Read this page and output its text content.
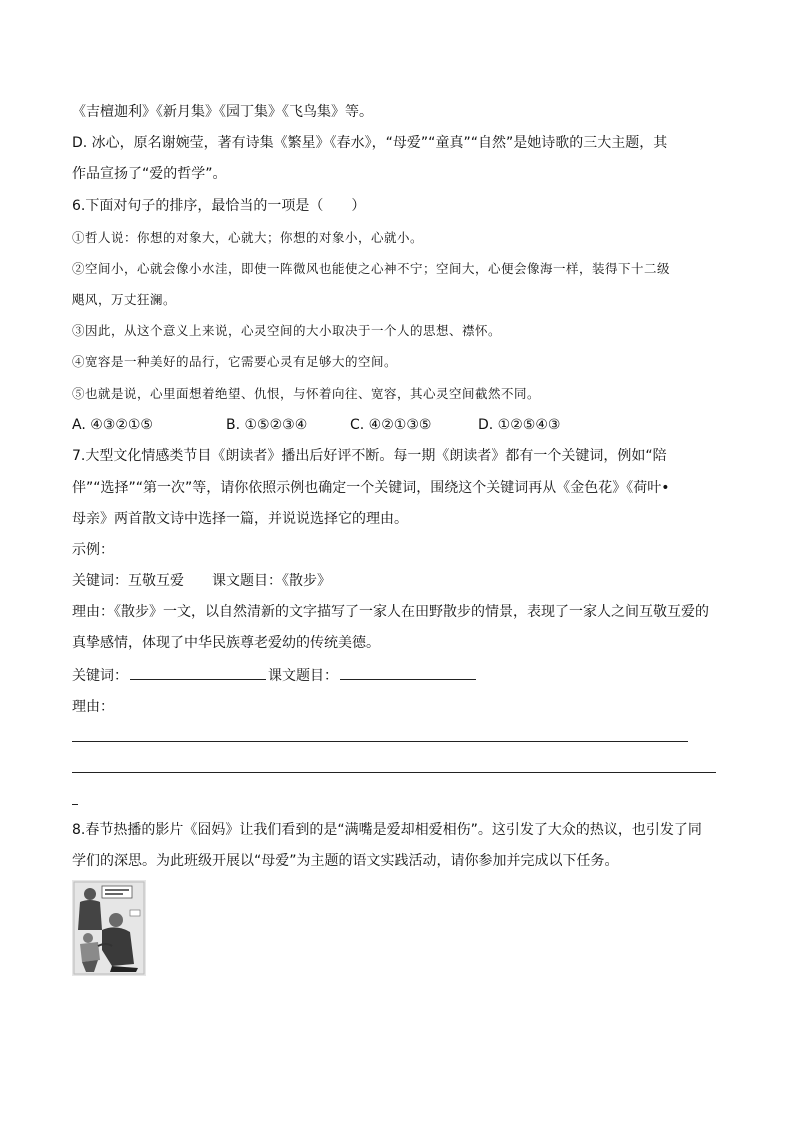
《吉檀迦利》《新月集》《园丁集》《飞鸟集》等。
D. 冰心，原名谢婉莹，著有诗集《繁星》《春水》，“母爱”“童真”“自然”是她诗歌的三大主题，其
作品宣扬了“爱的哲学”。
6.下面对句子的排序，最恰当的一项是（　　）
①哲人说：你想的对象大，心就大；你想的对象小，心就小。
②空间小，心就会像小水洼，即使一阵微风也能使之心神不宁；空间大，心便会像海一样，装得下十二级
飓风，万丈狂澜。
③因此，从这个意义上来说，心灵空间的大小取决于一个人的思想、襟怀。
④宽容是一种美好的品行，它需要心灵有足够大的空间。
⑤也就是说，心里面想着绝望、仇恨，与怀着向往、宽容，其心灵空间截然不同。
A. ④③②①⑤	B. ①⑤②③④	C. ④②①③⑤	D. ①②⑤④③
7.大型文化情感类节目《朗读者》播出后好评不断。每一期《朗读者》都有一个关键词，例如“陪
伴”“选择”“第一次”等，请你依照示例也确定一个关键词，围绕这个关键词再从《金色花》《荷叶•
母亲》两首散文诗中选择一篇，并说说选择它的理由。
示例：
关键词：互敬互爱　　课文题目：《散步》
理由：《散步》一文，以自然清新的文字描写了一家人在田野散步的情景，表现了一家人之间互敬互爱的
真挚感情，体现了中华民族尊老爱幼的传统美德。
关键词：	课文题目：
理由：
8.春节热播的影片《囧妈》让我们看到的是“满嘴是爱却相爱相伤”。这引发了大众的热议，也引发了同
学们的深思。为此班级开展以“母爱”为主题的语文实践活动，请你参加并完成以下任务。
